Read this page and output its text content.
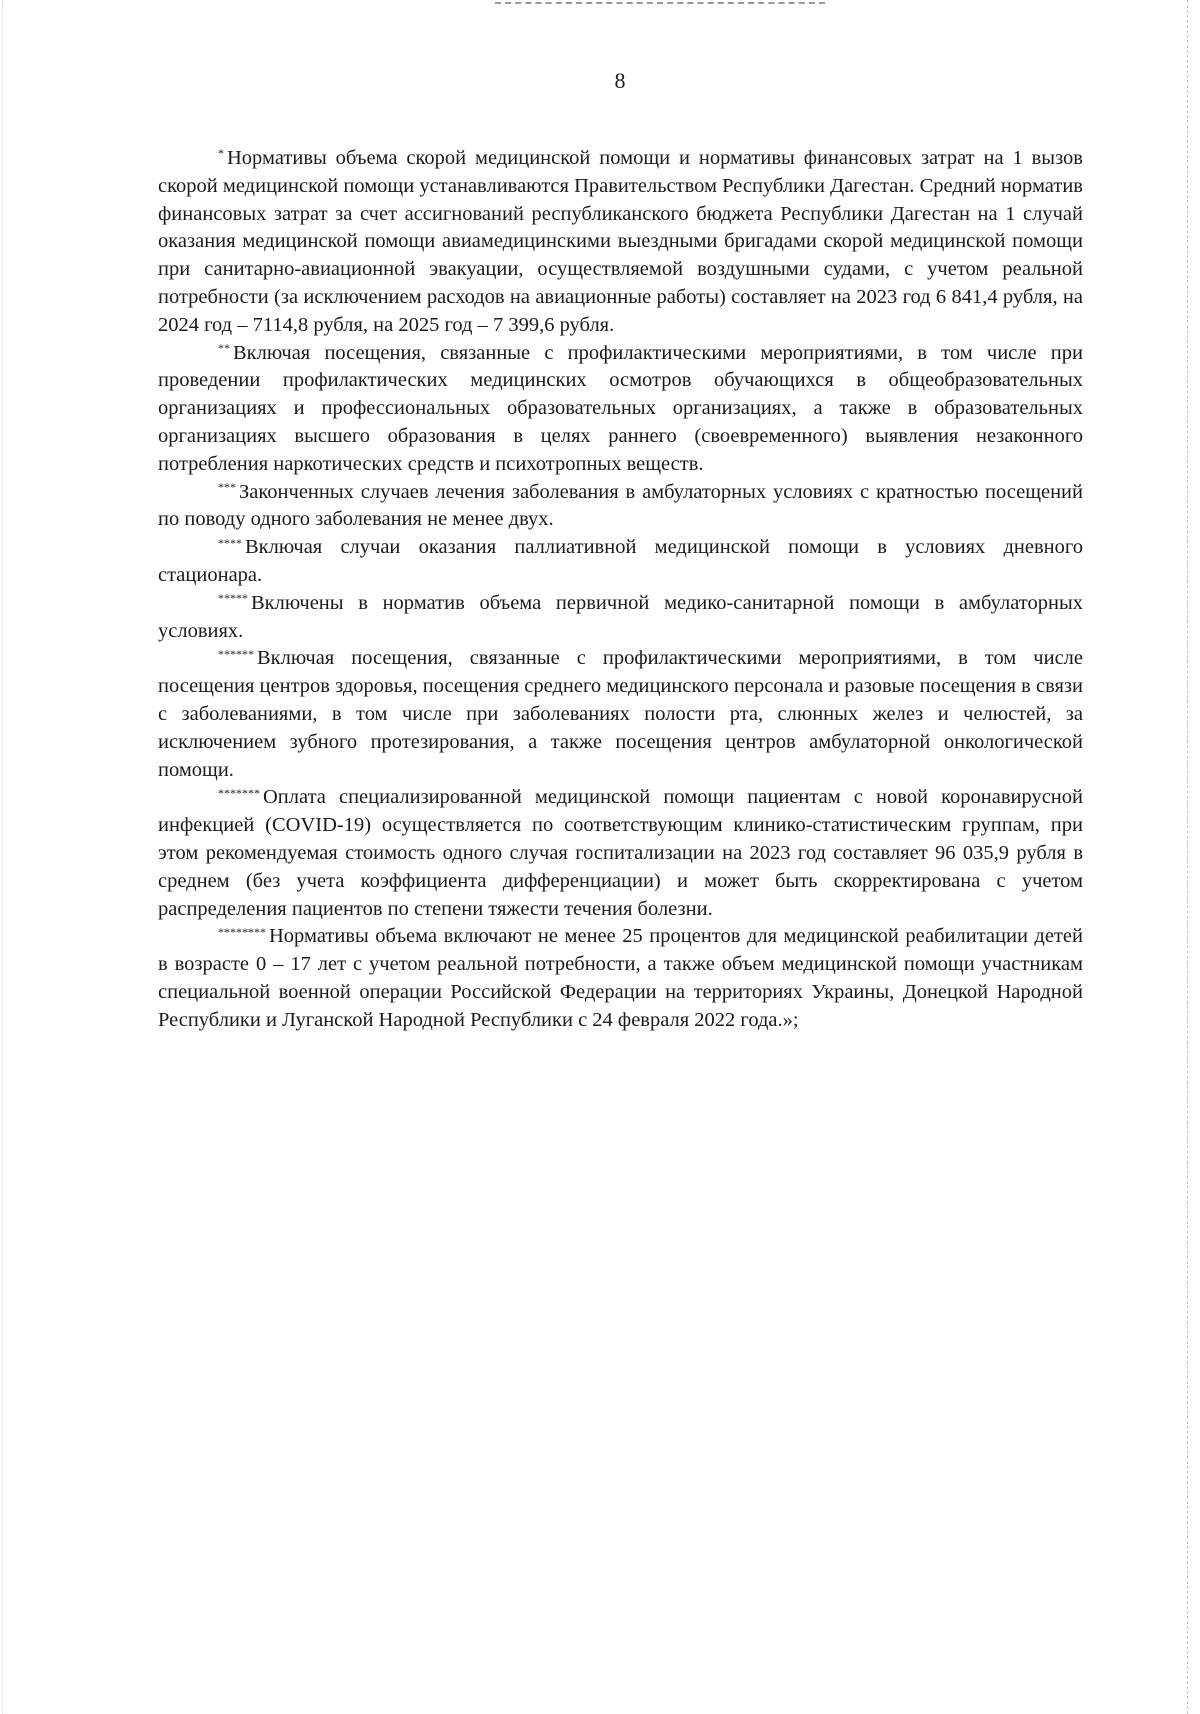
8

* Нормативы объема скорой медицинской помощи и нормативы финансовых затрат на 1 вызов скорой медицинской помощи устанавливаются Правительством Республики Дагестан. Средний норматив финансовых затрат за счет ассигнований республиканского бюджета Республики Дагестан на 1 случай оказания медицинской помощи авиамедицинскими выездными бригадами скорой медицинской помощи при санитарно-авиационной эвакуации, осуществляемой воздушными судами, с учетом реальной потребности (за исключением расходов на авиационные работы) составляет на 2023 год 6 841,4 рубля, на 2024 год – 7114,8 рубля, на 2025 год – 7 399,6 рубля.

** Включая посещения, связанные с профилактическими мероприятиями, в том числе при проведении профилактических медицинских осмотров обучающихся в общеобразовательных организациях и профессиональных образовательных организациях, а также в образовательных организациях высшего образования в целях раннего (своевременного) выявления незаконного потребления наркотических средств и психотропных веществ.

*** Законченных случаев лечения заболевания в амбулаторных условиях с кратностью посещений по поводу одного заболевания не менее двух.

**** Включая случаи оказания паллиативной медицинской помощи в условиях дневного стационара.

***** Включены в норматив объема первичной медико-санитарной помощи в амбулаторных условиях.

****** Включая посещения, связанные с профилактическими мероприятиями, в том числе посещения центров здоровья, посещения среднего медицинского персонала и разовые посещения в связи с заболеваниями, в том числе при заболеваниях полости рта, слюнных желез и челюстей, за исключением зубного протезирования, а также посещения центров амбулаторной онкологической помощи.

******* Оплата специализированной медицинской помощи пациентам с новой коронавирусной инфекцией (COVID-19) осуществляется по соответствующим клинико-статистическим группам, при этом рекомендуемая стоимость одного случая госпитализации на 2023 год составляет 96 035,9 рубля в среднем (без учета коэффициента дифференциации) и может быть скорректирована с учетом распределения пациентов по степени тяжести течения болезни.

******** Нормативы объема включают не менее 25 процентов для медицинской реабилитации детей в возрасте 0 – 17 лет с учетом реальной потребности, а также объем медицинской помощи участникам специальной военной операции Российской Федерации на территориях Украины, Донецкой Народной Республики и Луганской Народной Республики с 24 февраля 2022 года.»;
